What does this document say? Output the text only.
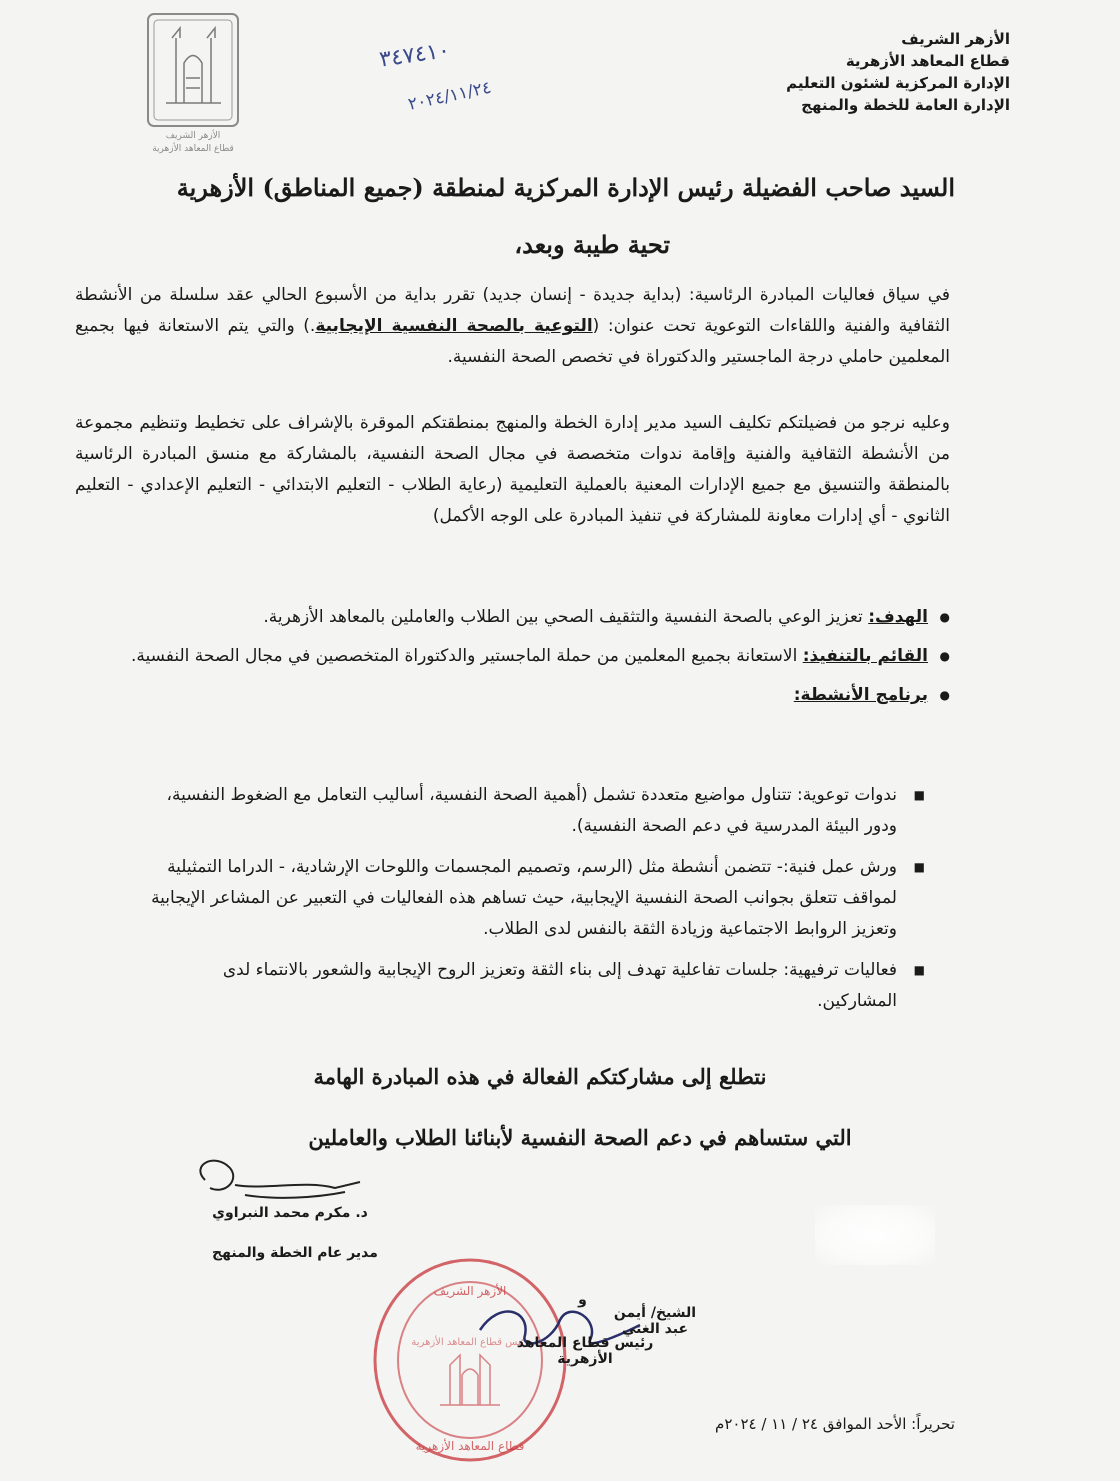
الأزهر الشريف
قطاع المعاهد الأزهرية
الإدارة المركزية لشئون التعليم
الإدارة العامة للخطة والمنهج
الأزهر الشريف
قطاع المعاهد الأزهرية
٣٤٧٤١٠
٢٠٢٤/١١/٢٤
السيد صاحب الفضيلة رئيس الإدارة المركزية لمنطقة (جميع المناطق) الأزهرية
تحية طيبة وبعد،
في سياق فعاليات المبادرة الرئاسية: (بداية جديدة - إنسان جديد) تقرر بداية من الأسبوع الحالي عقد سلسلة من الأنشطة الثقافية والفنية واللقاءات التوعوية تحت عنوان: (التوعية بالصحة النفسية الإيجابية.) والتي يتم الاستعانة فيها بجميع المعلمين حاملي درجة الماجستير والدكتوراة في تخصص الصحة النفسية.
وعليه نرجو من فضيلتكم تكليف السيد مدير إدارة الخطة والمنهج بمنطقتكم الموقرة بالإشراف على تخطيط وتنظيم مجموعة من الأنشطة الثقافية والفنية وإقامة ندوات متخصصة في مجال الصحة النفسية، بالمشاركة مع منسق المبادرة الرئاسية بالمنطقة والتنسيق مع جميع الإدارات المعنية بالعملية التعليمية (رعاية الطلاب - التعليم الابتدائي - التعليم الإعدادي - التعليم الثانوي - أي إدارات معاونة للمشاركة في تنفيذ المبادرة على الوجه الأكمل)
● الهدف: تعزيز الوعي بالصحة النفسية والتثقيف الصحي بين الطلاب والعاملين بالمعاهد الأزهرية.
● القائم بالتنفيذ: الاستعانة بجميع المعلمين من حملة الماجستير والدكتوراة المتخصصين في مجال الصحة النفسية.
● برنامج الأنشطة:
■ ندوات توعوية: تتناول مواضيع متعددة تشمل (أهمية الصحة النفسية، أساليب التعامل مع الضغوط النفسية، ودور البيئة المدرسية في دعم الصحة النفسية).
■ ورش عمل فنية:- تتضمن أنشطة مثل (الرسم، وتصميم المجسمات واللوحات الإرشادية، - الدراما التمثيلية لمواقف تتعلق بجوانب الصحة النفسية الإيجابية، حيث تساهم هذه الفعاليات في التعبير عن المشاعر الإيجابية وتعزيز الروابط الاجتماعية وزيادة الثقة بالنفس لدى الطلاب.
■ فعاليات ترفيهية: جلسات تفاعلية تهدف إلى بناء الثقة وتعزيز الروح الإيجابية والشعور بالانتماء لدى المشاركين.
نتطلع إلى مشاركتكم الفعالة في هذه المبادرة الهامة
التي ستساهم في دعم الصحة النفسية لأبنائنا الطلاب والعاملين
د. مكرم محمد النبراوي
مدير عام الخطة والمنهج
الأزهر الشريف
قطاع المعاهد الأزهرية
رئيس قطاع المعاهد الأزهرية
و
الشيخ/ أيمن عبد الغني
رئيس قطاع المعاهد الأزهرية
تحريراً: الأحد الموافق ٢٤ / ١١ / ٢٠٢٤م
